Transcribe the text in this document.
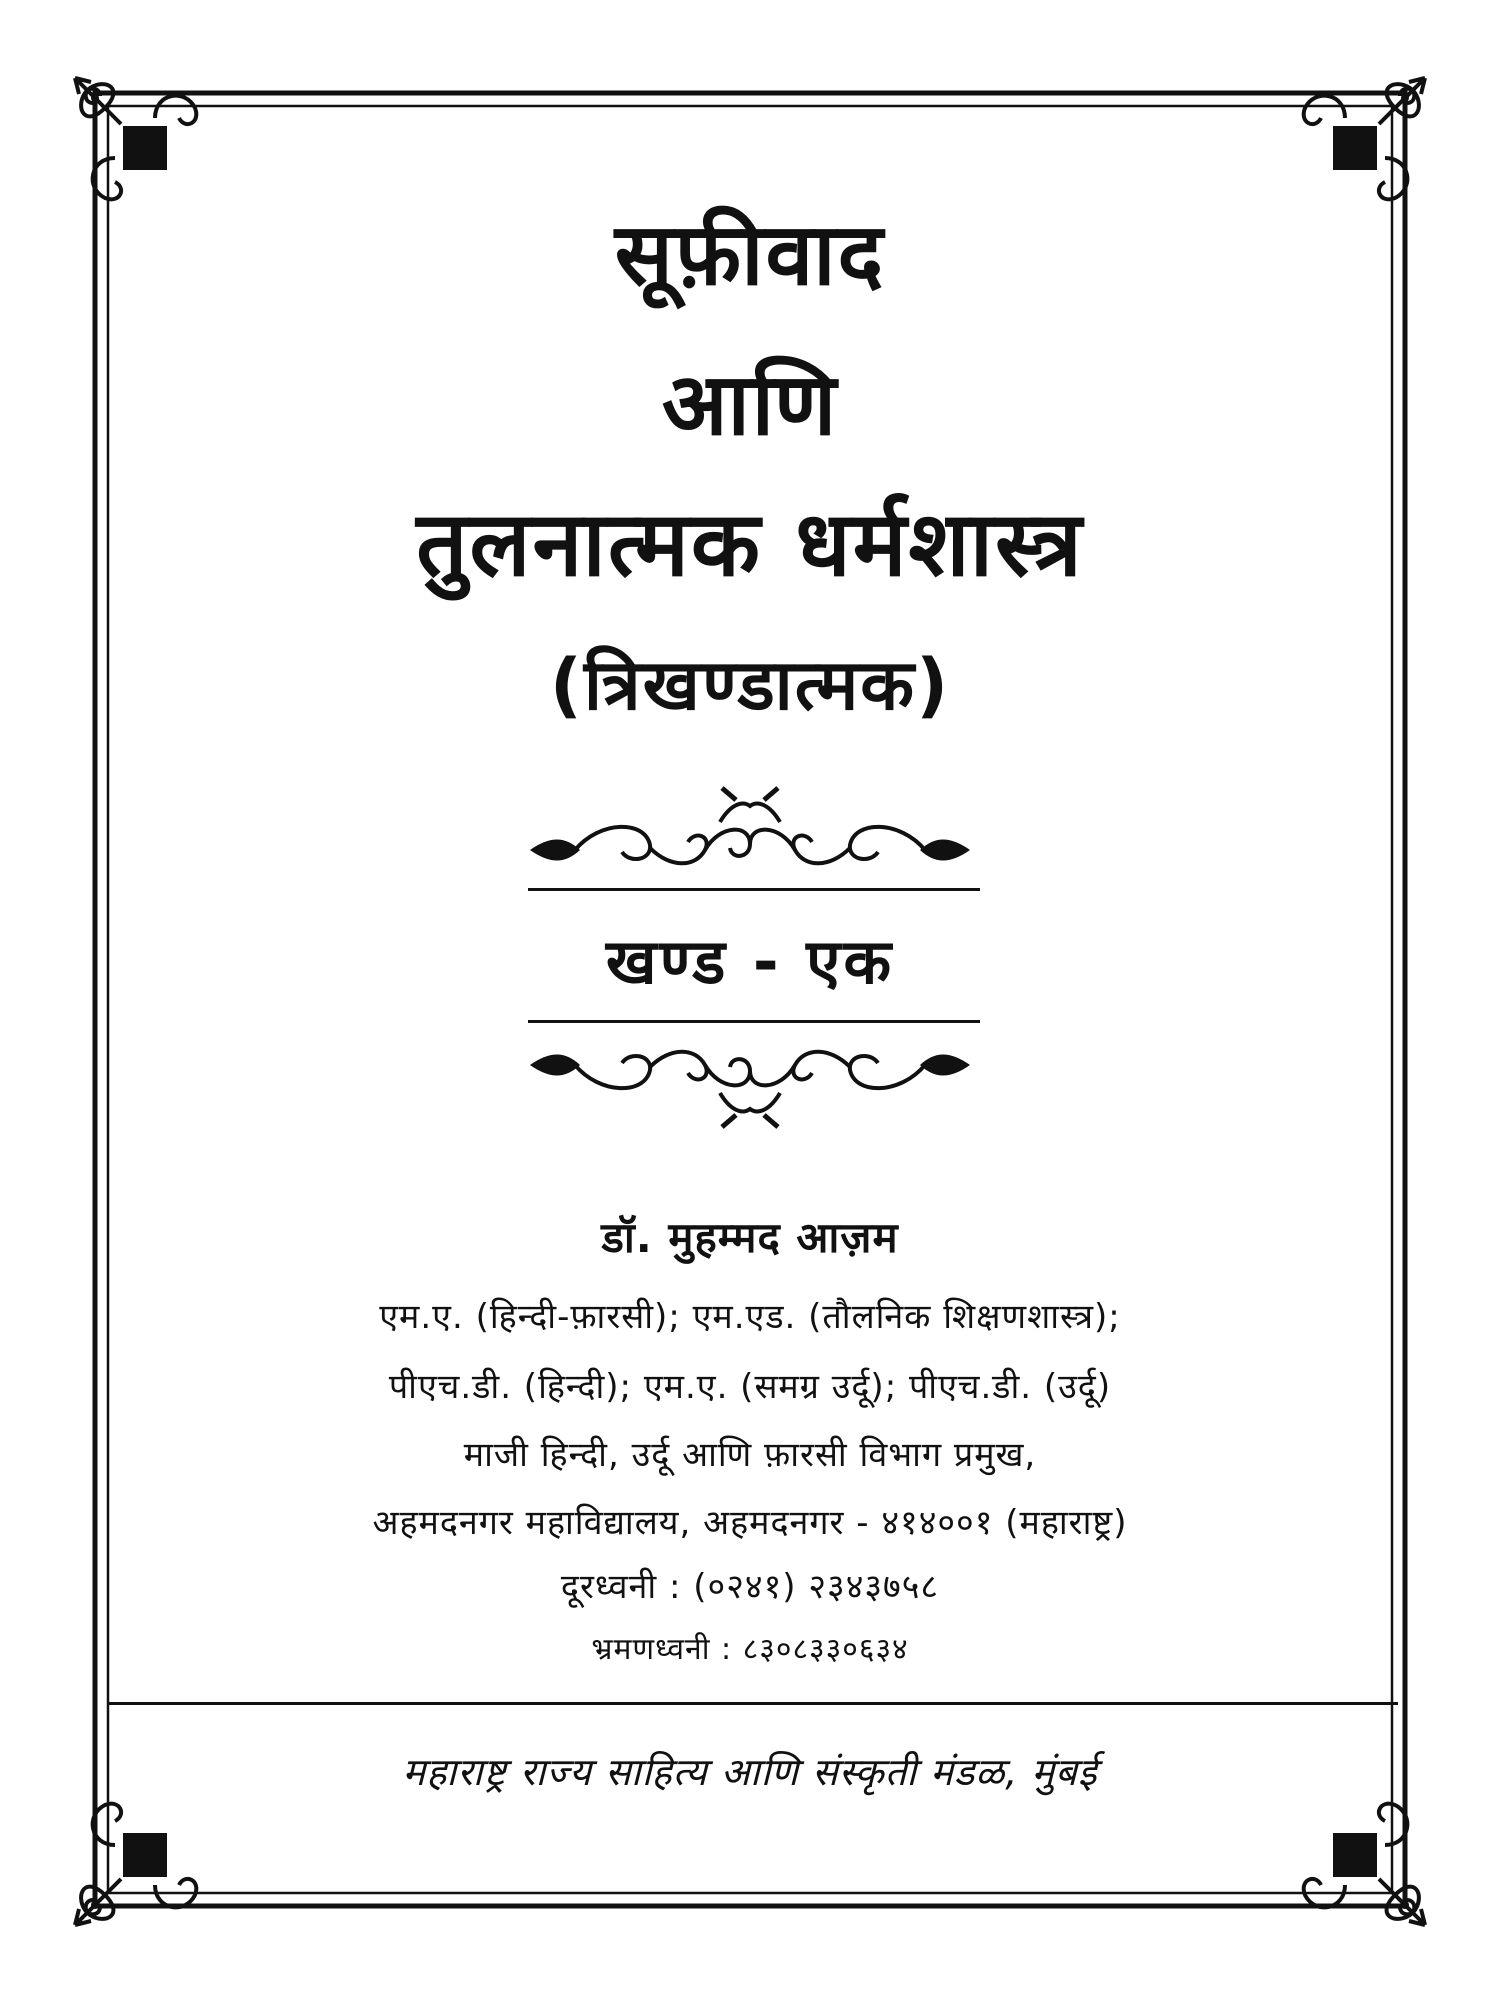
सूफ़ीवाद
आणि
तुलनात्मक धर्मशास्त्र
(त्रिखण्डात्मक)
खण्ड - एक
डॉ. मुहम्मद आज़म
एम.ए. (हिन्दी-फ़ारसी); एम.एड. (तौलनिक शिक्षणशास्त्र);
पीएच.डी. (हिन्दी); एम.ए. (समग्र उर्दू); पीएच.डी. (उर्दू)
माजी हिन्दी, उर्दू आणि फ़ारसी विभाग प्रमुख,
अहमदनगर महाविद्यालय, अहमदनगर - ४१४००१ (महाराष्ट्र)
दूरध्वनी : (०२४१) २३४३७५८
भ्रमणध्वनी : ८३०८३३०६३४
महाराष्ट्र राज्य साहित्य आणि संस्कृती मंडळ, मुंबई
